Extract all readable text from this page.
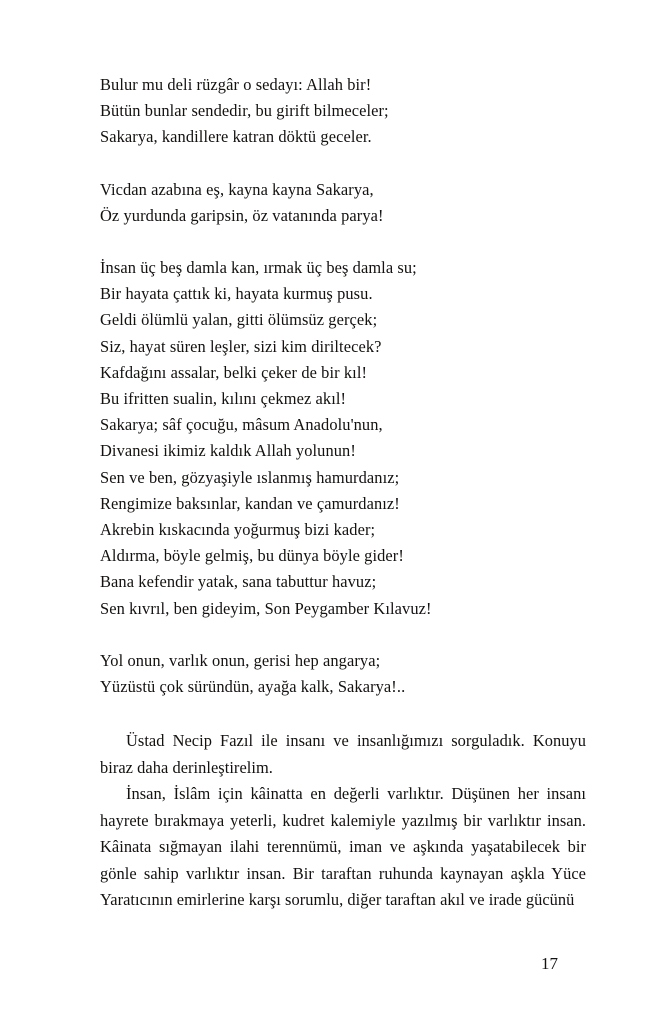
Bulur mu deli rüzgâr o sedayı: Allah bir!
Bütün bunlar sendedir, bu girift bilmeceler;
Sakarya, kandillere katran döktü geceler.
Vicdan azabına eş, kayna kayna Sakarya,
Öz yurdunda garipsin, öz vatanında parya!
İnsan üç beş damla kan, ırmak üç beş damla su;
Bir hayata çattık ki, hayata kurmuş pusu.
Geldi ölümlü yalan, gitti ölümsüz gerçek;
Siz, hayat süren leşler, sizi kim diriltecek?
Kafdağını assalar, belki çeker de bir kıl!
Bu ifritten sualin, kılını çekmez akıl!
Sakarya; sâf çocuğu, mâsum Anadolu'nun,
Divanesi ikimiz kaldık Allah yolunun!
Sen ve ben, gözyaşiyle ıslanmış hamurdanız;
Rengimize baksınlar, kandan ve çamurdanız!
Akrebin kıskacında yoğurmuş bizi kader;
Aldırma, böyle gelmiş, bu dünya böyle gider!
Bana kefendir yatak, sana tabuttur havuz;
Sen kıvrıl, ben gideyim, Son Peygamber Kılavuz!
Yol onun, varlık onun, gerisi hep angarya;
Yüzüstü çok süründün, ayağa kalk, Sakarya!..

Üstad Necip Fazıl ile insanı ve insanlığımızı sorguladık. Konuyu biraz daha derinleştirelim.

İnsan, İslâm için kâinatta en değerli varlıktır. Düşünen her insanı hayrete bırakmaya yeterli, kudret kalemiyle yazılmış bir varlıktır insan. Kâinata sığmayan ilahi terennümü, iman ve aşkında yaşatabilecek bir gönle sahip varlıktır insan. Bir taraftan ruhunda kaynayan aşkla Yüce Yaratıcının emirlerine karşı sorumlu, diğer taraftan akıl ve irade gücünü

17
